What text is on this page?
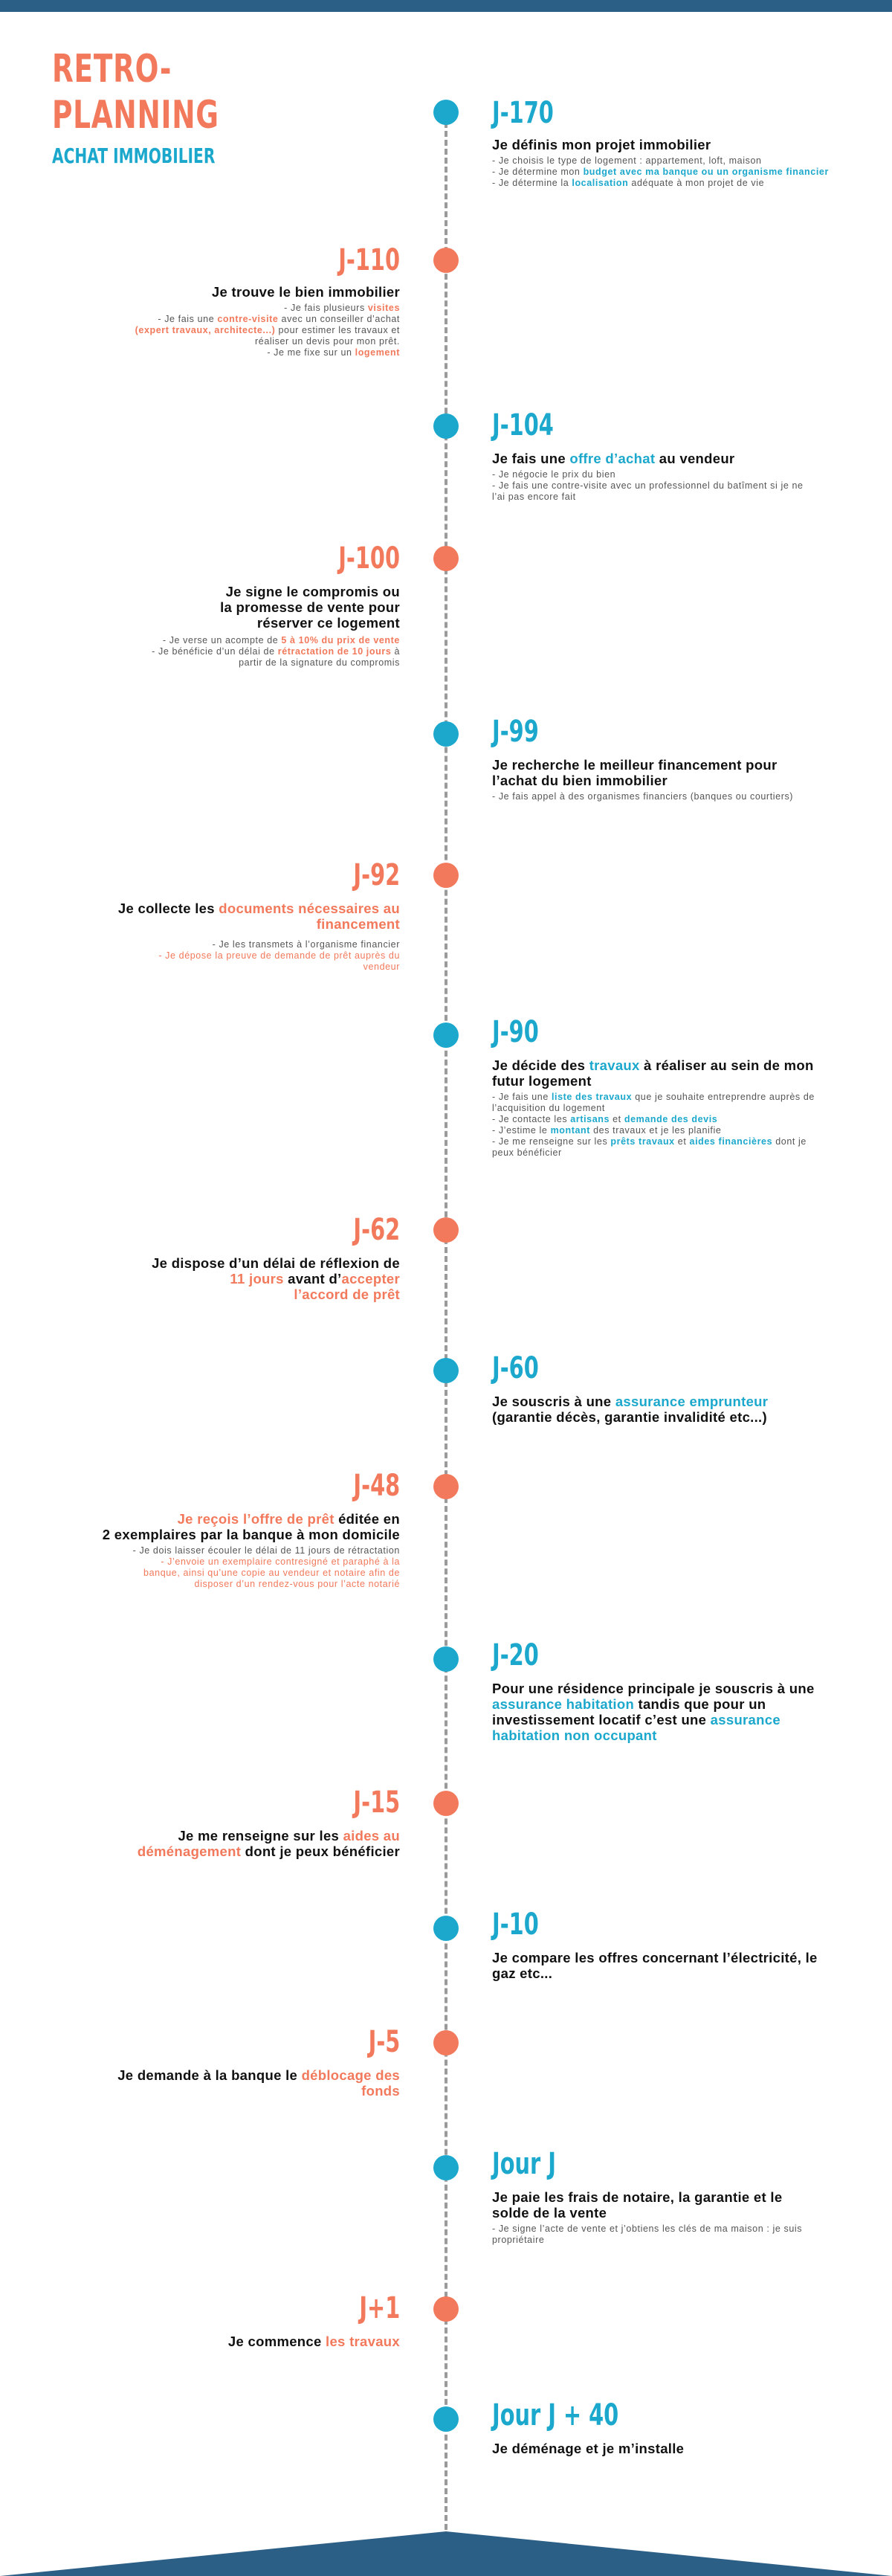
RETRO-
PLANNING
ACHAT IMMOBILIER
J-170
Je définis mon projet immobilier
- Je choisis le type de logement : appartement, loft, maison
- Je détermine mon budget avec ma banque ou un organisme financier
- Je détermine la localisation adéquate à mon projet de vie
J-110
Je trouve le bien immobilier
- Je fais plusieurs visites
- Je fais une contre-visite avec un conseiller d’achat
(expert travaux, architecte...) pour estimer les travaux et
réaliser un devis pour mon prêt.
- Je me fixe sur un logement
J-104
Je fais une offre d’achat au vendeur
- Je négocie le prix du bien
- Je fais une contre-visite avec un professionnel du batîment si je ne
l’ai pas encore fait
J-100
Je signe le compromis ou
la promesse de vente pour
réserver ce logement
- Je verse un acompte de 5 à 10% du prix de vente
- Je bénéficie d’un délai de rétractation de 10 jours à
partir de la signature du compromis
J-99
Je recherche le meilleur financement pour
l’achat du bien immobilier
- Je fais appel à des organismes financiers (banques ou courtiers)
J-92
Je collecte les documents nécessaires au
financement
- Je les transmets à l’organisme financier
- Je dépose la preuve de demande de prêt auprès du
vendeur
J-90
Je décide des travaux à réaliser au sein de mon
futur logement
- Je fais une liste des travaux que je souhaite entreprendre auprès de
l’acquisition du logement
- Je contacte les artisans et demande des devis
- J’estime le montant des travaux et je les planifie
- Je me renseigne sur les prêts travaux et aides financières dont je
peux bénéficier
J-62
Je dispose d’un délai de réflexion de
11 jours avant d’accepter
l’accord de prêt
J-60
Je souscris à une assurance emprunteur
(garantie décès, garantie invalidité etc...)
J-48
Je reçois l’offre de prêt éditée en
2 exemplaires par la banque à mon domicile
- Je dois laisser écouler le délai de 11 jours de rétractation
- J’envoie un exemplaire contresigné et paraphé à la
banque, ainsi qu’une copie au vendeur et notaire afin de
disposer d’un rendez-vous pour l’acte notarié
J-20
Pour une résidence principale je souscris à une
assurance habitation tandis que pour un
investissement locatif c’est une assurance
habitation non occupant
J-15
Je me renseigne sur les aides au
déménagement dont je peux bénéficier
J-10
Je compare les offres concernant l’électricité, le
gaz etc...
J-5
Je demande à la banque le déblocage des
fonds
Jour J
Je paie les frais de notaire, la garantie et le
solde de la vente
- Je signe l’acte de vente et j’obtiens les clés de ma maison : je suis
propriétaire
J+1
Je commence les travaux
Jour J + 40
Je déménage et je m’installe
